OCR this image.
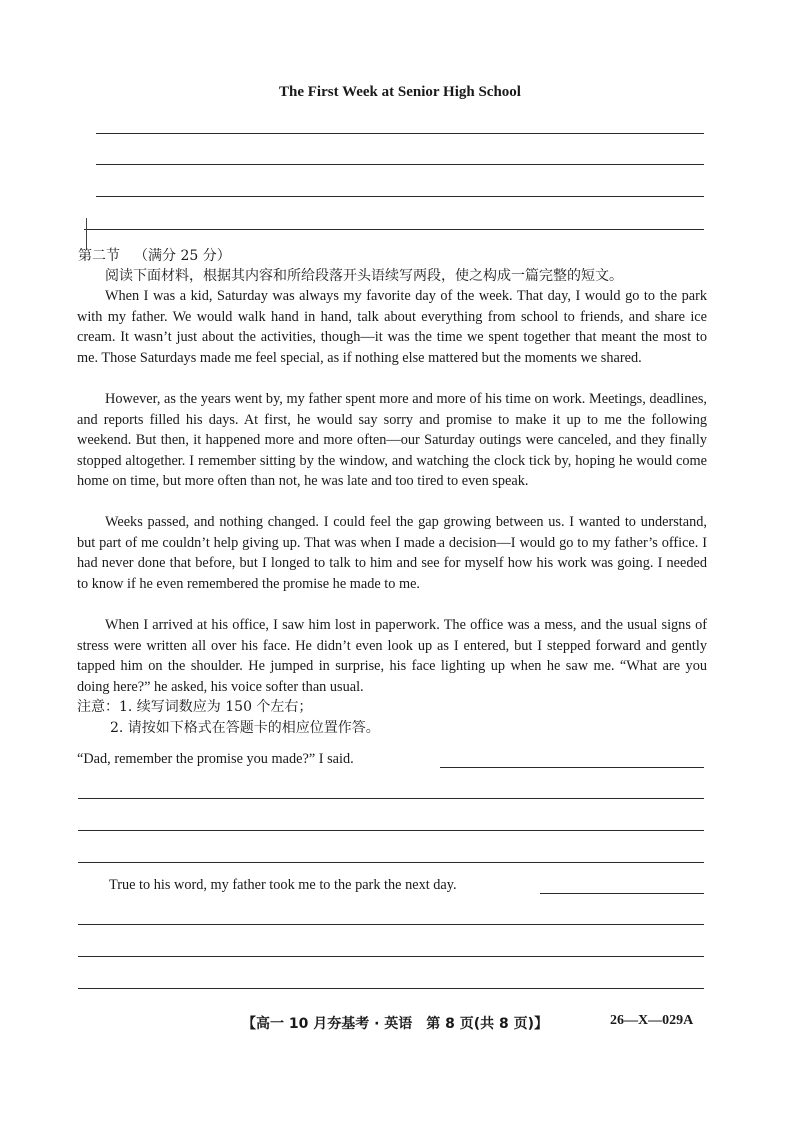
The First Week at Senior High School
第二节 （满分 25 分）
阅读下面材料，根据其内容和所给段落开头语续写两段，使之构成一篇完整的短文。
When I was a kid, Saturday was always my favorite day of the week. That day, I would go to the park with my father. We would walk hand in hand, talk about everything from school to friends, and share ice cream. It wasn’t just about the activities, though—it was the time we spent together that meant the most to me. Those Saturdays made me feel special, as if nothing else mattered but the moments we shared.
However, as the years went by, my father spent more and more of his time on work. Meetings, deadlines, and reports filled his days. At first, he would say sorry and promise to make it up to me the following weekend. But then, it happened more and more often—our Saturday outings were canceled, and they finally stopped altogether. I remember sitting by the window, and watching the clock tick by, hoping he would come home on time, but more often than not, he was late and too tired to even speak.
Weeks passed, and nothing changed. I could feel the gap growing between us. I wanted to understand, but part of me couldn’t help giving up. That was when I made a decision—I would go to my father’s office. I had never done that before, but I longed to talk to him and see for myself how his work was going. I needed to know if he even remembered the promise he made to me.
When I arrived at his office, I saw him lost in paperwork. The office was a mess, and the usual signs of stress were written all over his face. He didn’t even look up as I entered, but I stepped forward and gently tapped him on the shoulder. He jumped in surprise, his face lighting up when he saw me. “What are you doing here?” he asked, his voice softer than usual.
注意：1. 续写词数应为 150 个左右；
2. 请按如下格式在答题卡的相应位置作答。
“Dad, remember the promise you made?” I said.
True to his word, my father took me to the park the next day.
【高一 10 月夯基考 · 英语　第 8 页(共 8 页)】	26—X—029A
